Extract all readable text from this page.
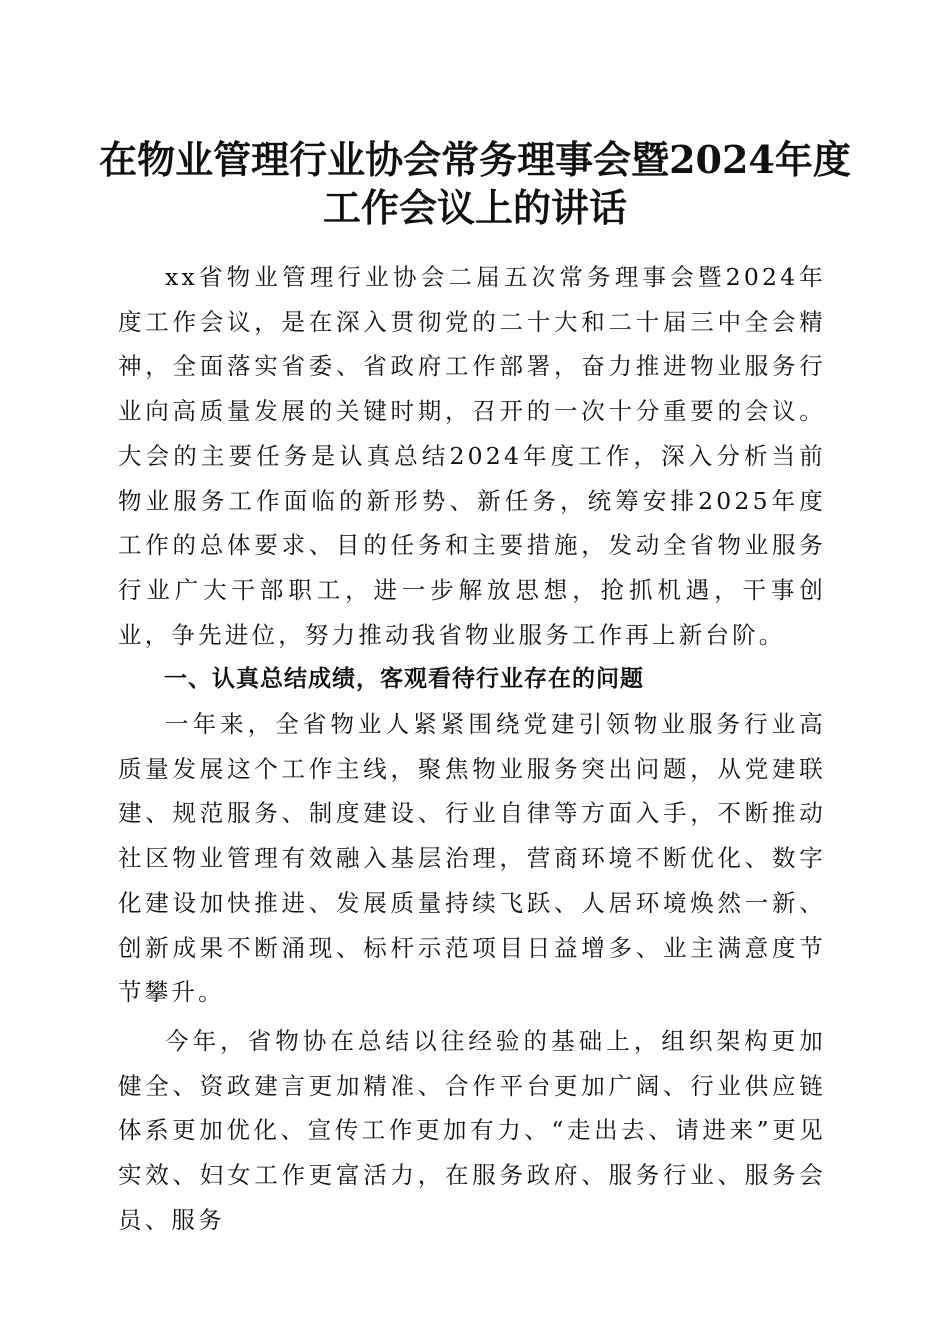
在物业管理行业协会常务理事会暨2024年度
工作会议上的讲话

xx省物业管理行业协会二届五次常务理事会暨2024年度工作会议，是在深入贯彻党的二十大和二十届三中全会精神，全面落实省委、省政府工作部署，奋力推进物业服务行业向高质量发展的关键时期，召开的一次十分重要的会议。大会的主要任务是认真总结2024年度工作，深入分析当前物业服务工作面临的新形势、新任务，统筹安排2025年度工作的总体要求、目的任务和主要措施，发动全省物业服务行业广大干部职工，进一步解放思想，抢抓机遇，干事创业，争先进位，努力推动我省物业服务工作再上新台阶。

一、认真总结成绩，客观看待行业存在的问题

一年来，全省物业人紧紧围绕党建引领物业服务行业高质量发展这个工作主线，聚焦物业服务突出问题，从党建联建、规范服务、制度建设、行业自律等方面入手，不断推动社区物业管理有效融入基层治理，营商环境不断优化、数字化建设加快推进、发展质量持续飞跃、人居环境焕然一新、创新成果不断涌现、标杆示范项目日益增多、业主满意度节节攀升。

今年，省物协在总结以往经验的基础上，组织架构更加健全、资政建言更加精准、合作平台更加广阔、行业供应链体系更加优化、宣传工作更加有力、“走出去、请进来”更见实效、妇女工作更富活力，在服务政府、服务行业、服务会员、服务
